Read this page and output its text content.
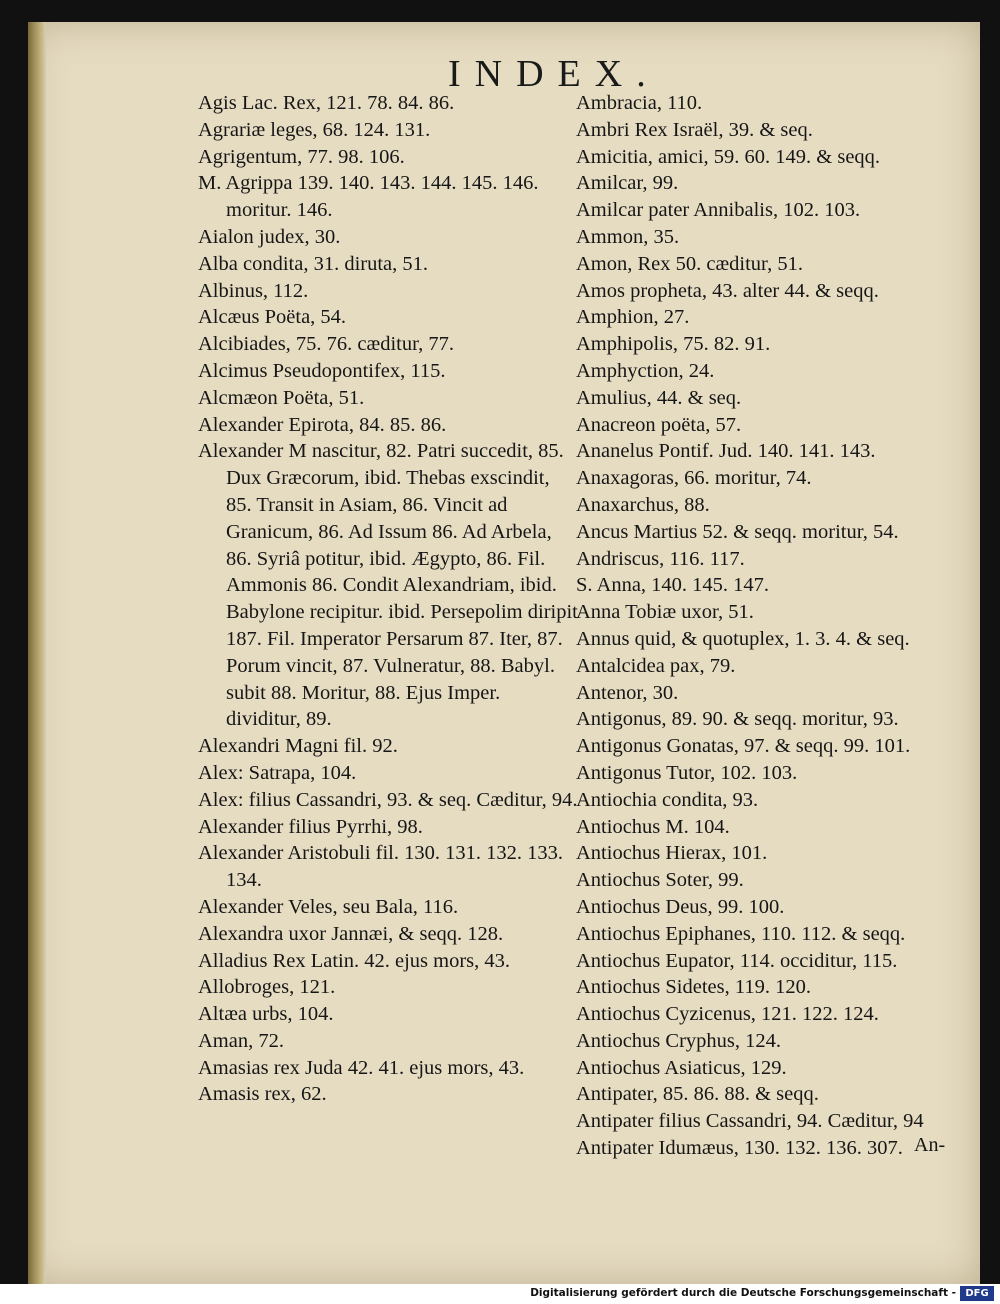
INDEX.
Agis Lac. Rex, 121. 78. 84. 86.
Agrariæ leges, 68. 124. 131.
Agrigentum, 77. 98. 106.
M. Agrippa 139. 140. 143. 144. 145. 146. moritur. 146.
Aialon judex, 30.
Alba condita, 31. diruta, 51.
Albinus, 112.
Alcæus Poëta, 54.
Alcibiades, 75. 76. cæditur, 77.
Alcimus Pseudopontifex, 115.
Alcmæon Poëta, 51.
Alexander Epirota, 84. 85. 86.
Alexander M nascitur, 82. Patri succedit, 85. Dux Græcorum, ibid. Thebas exscindit, 85. Transit in Asiam, 86. Vincit ad Granicum, 86. Ad Issum 86. Ad Arbela, 86. Syriâ potitur, ibid. Ægypto, 86. Fil. Ammonis 86. Condit Alexandriam, ibid. Babylone recipitur. ibid. Persepolim diripit 187. Fil. Imperator Persarum 87. Iter, 87. Porum vincit, 87. Vulneratur, 88. Babyl. subit 88. Moritur, 88. Ejus Imper. dividitur, 89.
Alexandri Magni fil. 92.
Alex: Satrapa, 104.
Alex: filius Cassandri, 93. & seq. Cæditur, 94.
Alexander filius Pyrrhi, 98.
Alexander Aristobuli fil. 130. 131. 132. 133. 134.
Alexander Veles, seu Bala, 116.
Alexandra uxor Jannæi, & seqq. 128.
Alladius Rex Latin. 42. ejus mors, 43.
Allobroges, 121.
Altæa urbs, 104.
Aman, 72.
Amasias rex Juda 42. 41. ejus mors, 43.
Amasis rex, 62.
Ambracia, 110.
Ambri Rex Israël, 39. & seq.
Amicitia, amici, 59. 60. 149. & seqq.
Amilcar, 99.
Amilcar pater Annibalis, 102. 103.
Ammon, 35.
Amon, Rex 50. cæditur, 51.
Amos propheta, 43. alter 44. & seqq.
Amphion, 27.
Amphipolis, 75. 82. 91.
Amphyction, 24.
Amulius, 44. & seq.
Anacreon poëta, 57.
Ananelus Pontif. Jud. 140. 141. 143.
Anaxagoras, 66. moritur, 74.
Anaxarchus, 88.
Ancus Martius 52. & seqq. moritur, 54.
Andriscus, 116. 117.
S. Anna, 140. 145. 147.
Anna Tobiæ uxor, 51.
Annus quid, & quotuplex, 1. 3. 4. & seq.
Antalcidea pax, 79.
Antenor, 30.
Antigonus, 89. 90. & seqq. moritur, 93.
Antigonus Gonatas, 97. & seqq. 99. 101.
Antigonus Tutor, 102. 103.
Antiochia condita, 93.
Antiochus M. 104.
Antiochus Hierax, 101.
Antiochus Soter, 99.
Antiochus Deus, 99. 100.
Antiochus Epiphanes, 110. 112. & seqq.
Antiochus Eupator, 114. occiditur, 115.
Antiochus Sidetes, 119. 120.
Antiochus Cyzicenus, 121. 122. 124.
Antiochus Cryphus, 124.
Antiochus Asiaticus, 129.
Antipater, 85. 86. 88. & seqq.
Antipater filius Cassandri, 94. Cæditur, 94
Antipater Idumæus, 130. 132. 136. 307. An-
Digitalisierung gefördert durch die Deutsche Forschungsgemeinschaft - DFG
